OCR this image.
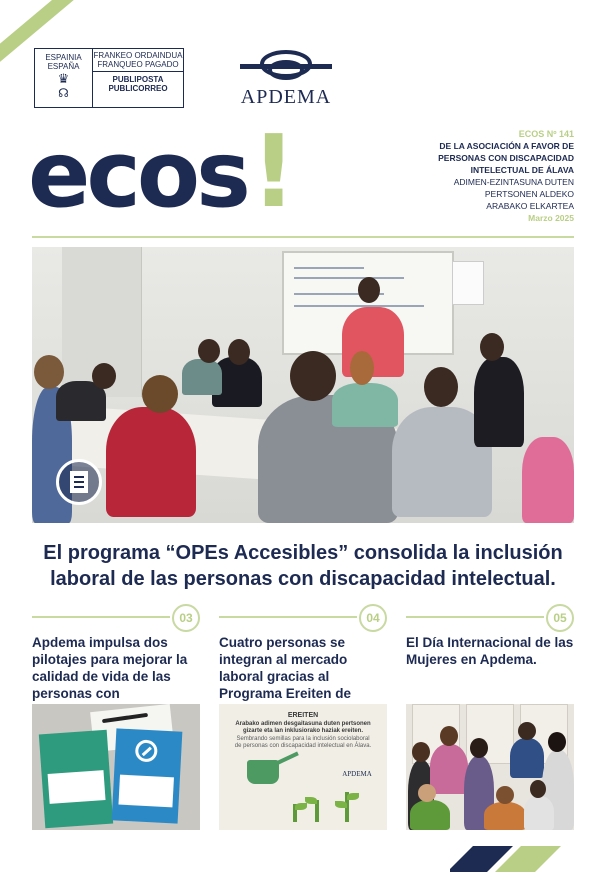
ESPAINIA
ESPAÑA
♛
☊
FRANKEO ORDAINDUA
FRANQUEO PAGADO
PUBLIPOSTA
PUBLICORREO	APDEMA
ecos!	ECOS Nº 141
DE LA ASOCIACIÓN A FAVOR DE
PERSONAS CON DISCAPACIDAD
INTELECTUAL DE ÁLAVA
ADIMEN-EZINTASUNA DUTEN
PERTSONEN ALDEKO
ARABAKO ELKARTEA
Marzo 2025
El programa “OPEs Accesibles” consolida la inclusión
laboral de las personas con discapacidad intelectual.
03
Apdema impulsa dos pilotajes para mejorar la calidad de vida de las personas con
04
Cuatro personas se integran al mercado laboral gracias al Programa Ereiten de
EREITEN
Arabako adimen desgaitasuna duten pertsonen
gizarte eta lan inklusiorako haziak ereiten.
Sembrando semillas para la inclusión sociolaboral
de personas con discapacidad intelectual en Álava.
APDEMA
05
El Día Internacional de las Mujeres en Apdema.
